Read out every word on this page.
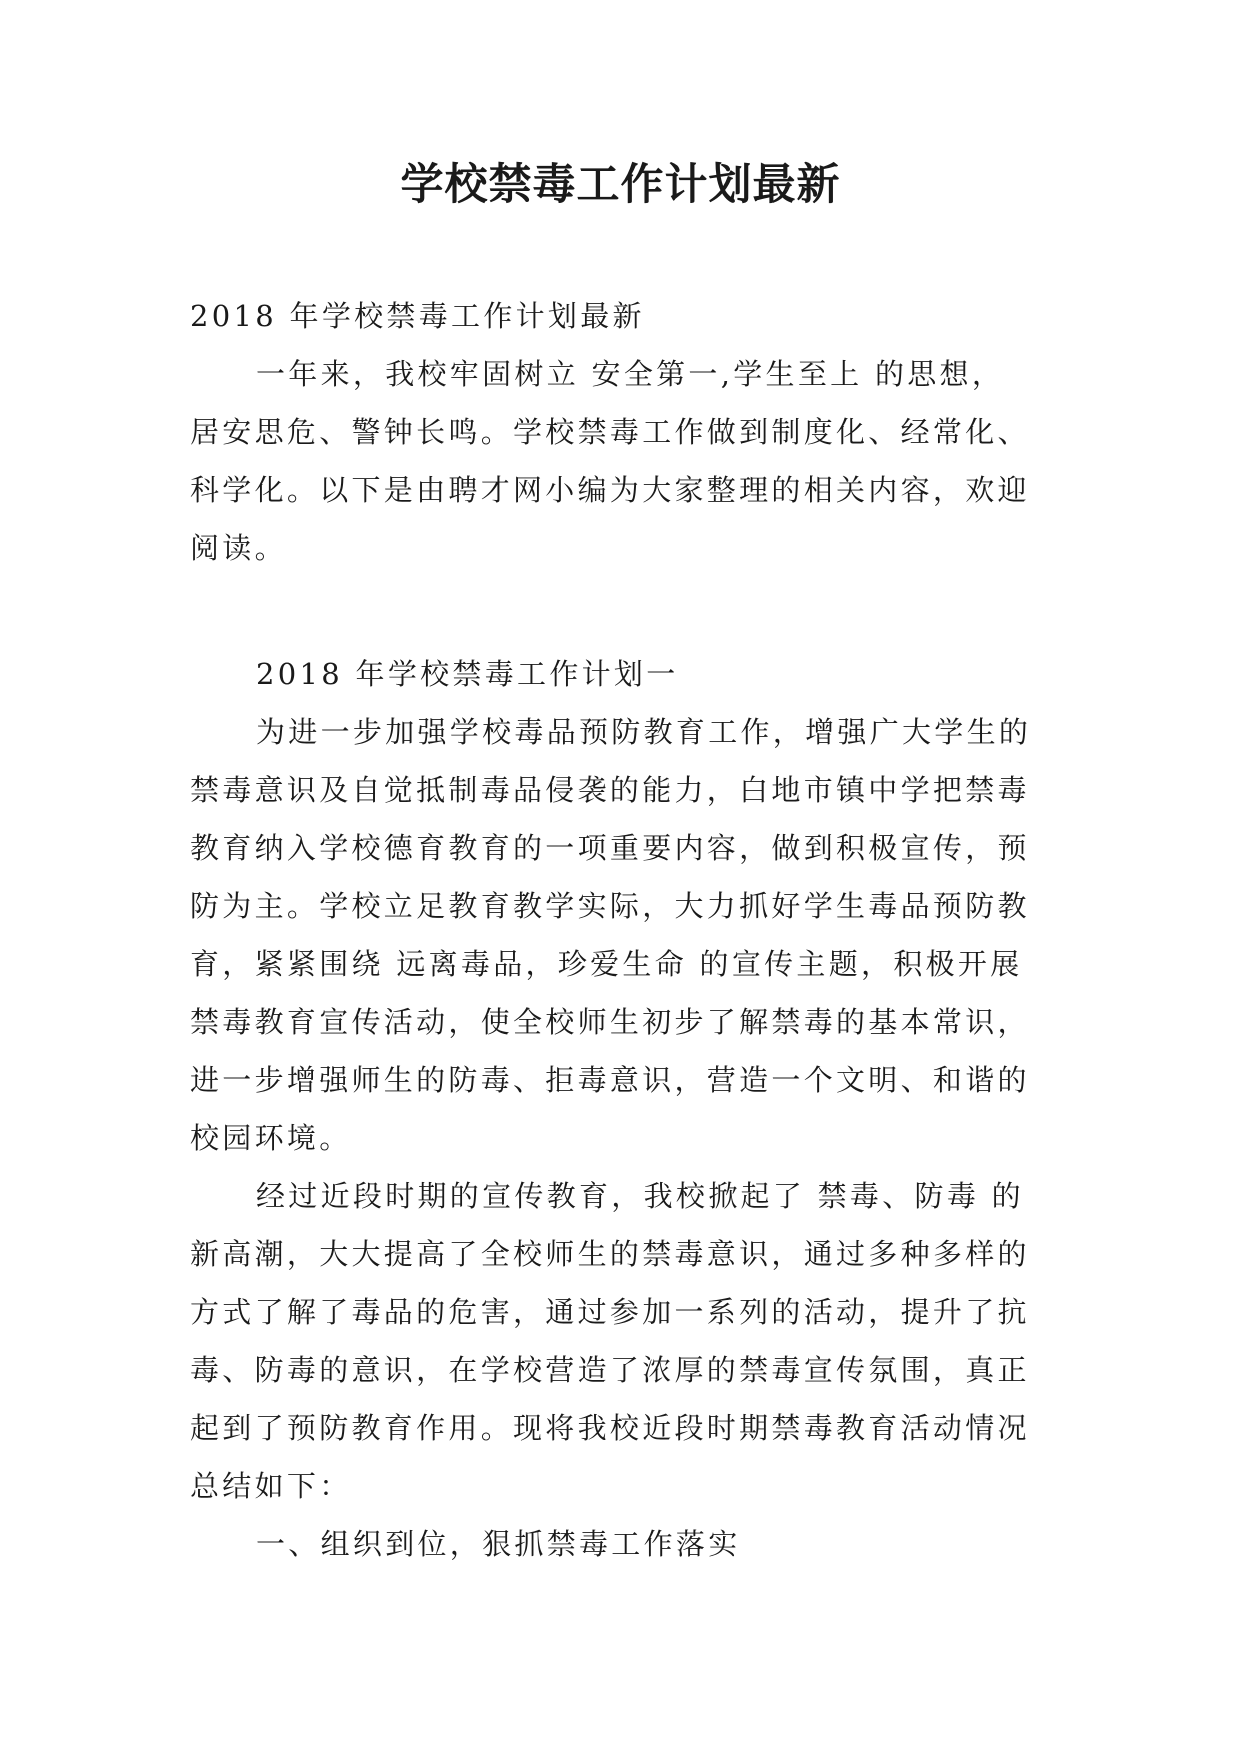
学校禁毒工作计划最新

2018 年学校禁毒工作计划最新

一年来，我校牢固树立 安全第一,学生至上 的思想，

居安思危、警钟长鸣。学校禁毒工作做到制度化、经常化、

科学化。以下是由聘才网小编为大家整理的相关内容，欢迎

阅读。

2018 年学校禁毒工作计划一

为进一步加强学校毒品预防教育工作，增强广大学生的

禁毒意识及自觉抵制毒品侵袭的能力，白地市镇中学把禁毒

教育纳入学校德育教育的一项重要内容，做到积极宣传，预

防为主。学校立足教育教学实际，大力抓好学生毒品预防教

育，紧紧围绕 远离毒品，珍爱生命 的宣传主题，积极开展

禁毒教育宣传活动，使全校师生初步了解禁毒的基本常识，

进一步增强师生的防毒、拒毒意识，营造一个文明、和谐的

校园环境。

经过近段时期的宣传教育，我校掀起了 禁毒、防毒 的

新高潮，大大提高了全校师生的禁毒意识，通过多种多样的

方式了解了毒品的危害，通过参加一系列的活动，提升了抗

毒、防毒的意识，在学校营造了浓厚的禁毒宣传氛围，真正

起到了预防教育作用。现将我校近段时期禁毒教育活动情况

总结如下：

一、组织到位，狠抓禁毒工作落实
